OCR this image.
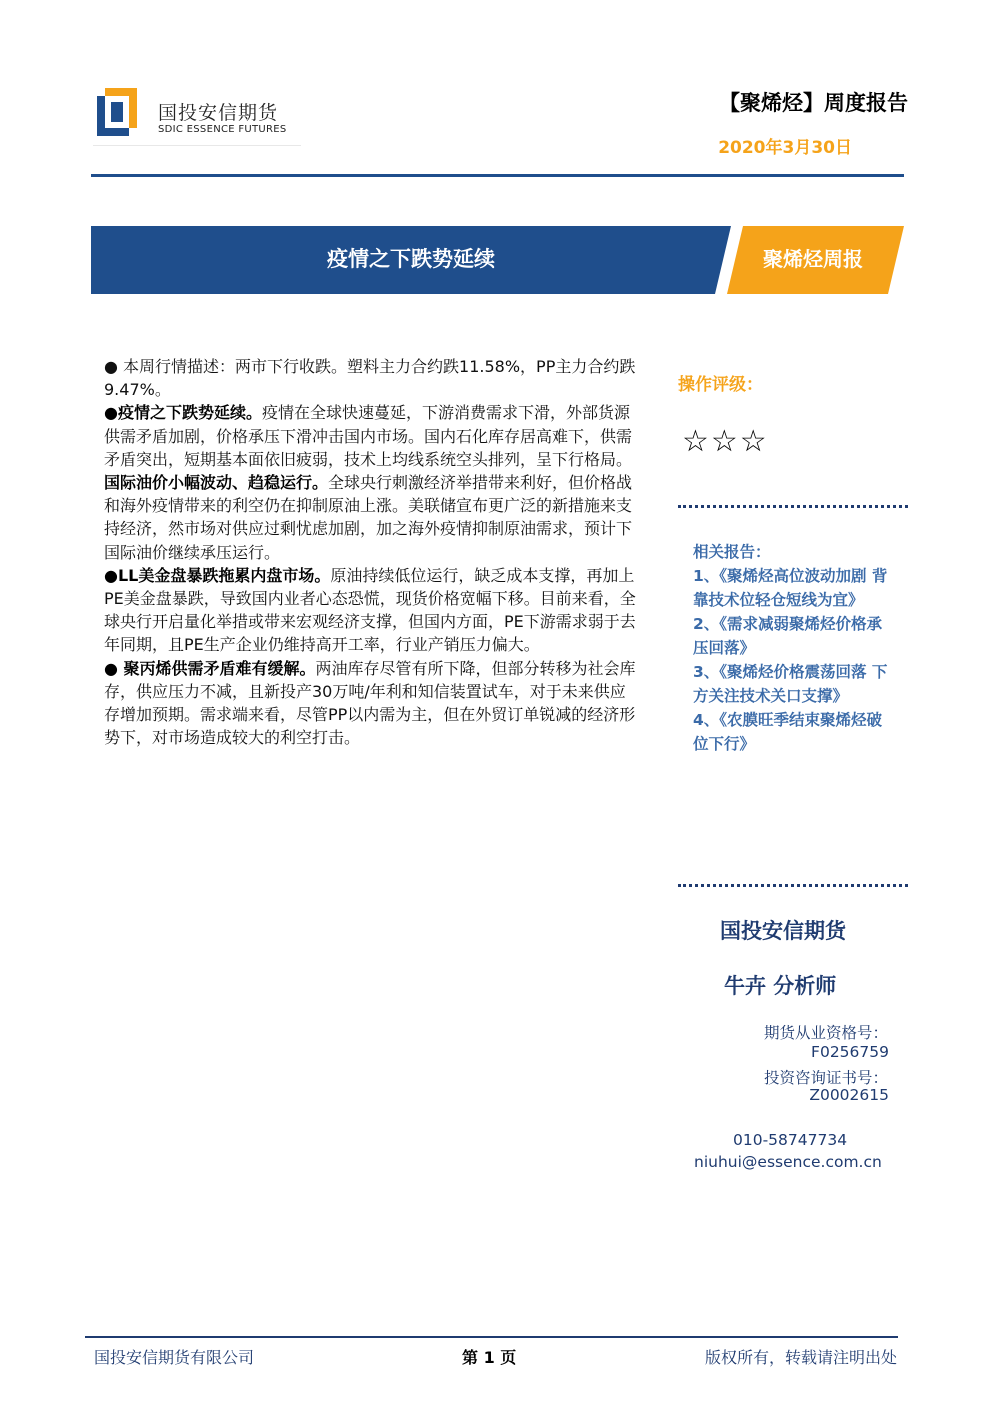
国投安信期货
SDIC ESSENCE FUTURES
【聚烯烃】周度报告
2020年3月30日
疫情之下跌势延续	聚烯烃周报

● 本周行情描述：两市下行收跌。塑料主力合约跌11.58%，PP主力合约跌9.47%。

●疫情之下跌势延续。疫情在全球快速蔓延，下游消费需求下滑，外部货源供需矛盾加剧，价格承压下滑冲击国内市场。国内石化库存居高难下，供需矛盾突出，短期基本面依旧疲弱，技术上均线系统空头排列，呈下行格局。

国际油价小幅波动、趋稳运行。全球央行刺激经济举措带来利好，但价格战和海外疫情带来的利空仍在抑制原油上涨。美联储宣布更广泛的新措施来支持经济，然市场对供应过剩忧虑加剧，加之海外疫情抑制原油需求，预计下国际油价继续承压运行。

●LL美金盘暴跌拖累内盘市场。原油持续低位运行，缺乏成本支撑，再加上PE美金盘暴跌，导致国内业者心态恐慌，现货价格宽幅下移。目前来看，全球央行开启量化举措或带来宏观经济支撑，但国内方面，PE下游需求弱于去年同期，且PE生产企业仍维持高开工率，行业产销压力偏大。

● 聚丙烯供需矛盾难有缓解。两油库存尽管有所下降，但部分转移为社会库存，供应压力不减，且新投产30万吨/年利和知信装置试车，对于未来供应存增加预期。需求端来看，尽管PP以内需为主，但在外贸订单锐减的经济形势下，对市场造成较大的利空打击。

操作评级：
☆☆☆
相关报告：
1、《聚烯烃高位波动加剧 背靠技术位轻仓短线为宜》
2、《需求减弱聚烯烃价格承压回落》
3、《聚烯烃价格震荡回落 下方关注技术关口支撑》
4、《农膜旺季结束聚烯烃破位下行》
国投安信期货
牛卉 分析师
期货从业资格号：
F0256759
投资咨询证书号：
Z0002615
010-58747734
niuhui@essence.com.cn
国投安信期货有限公司	第 1 页	版权所有，转载请注明出处
